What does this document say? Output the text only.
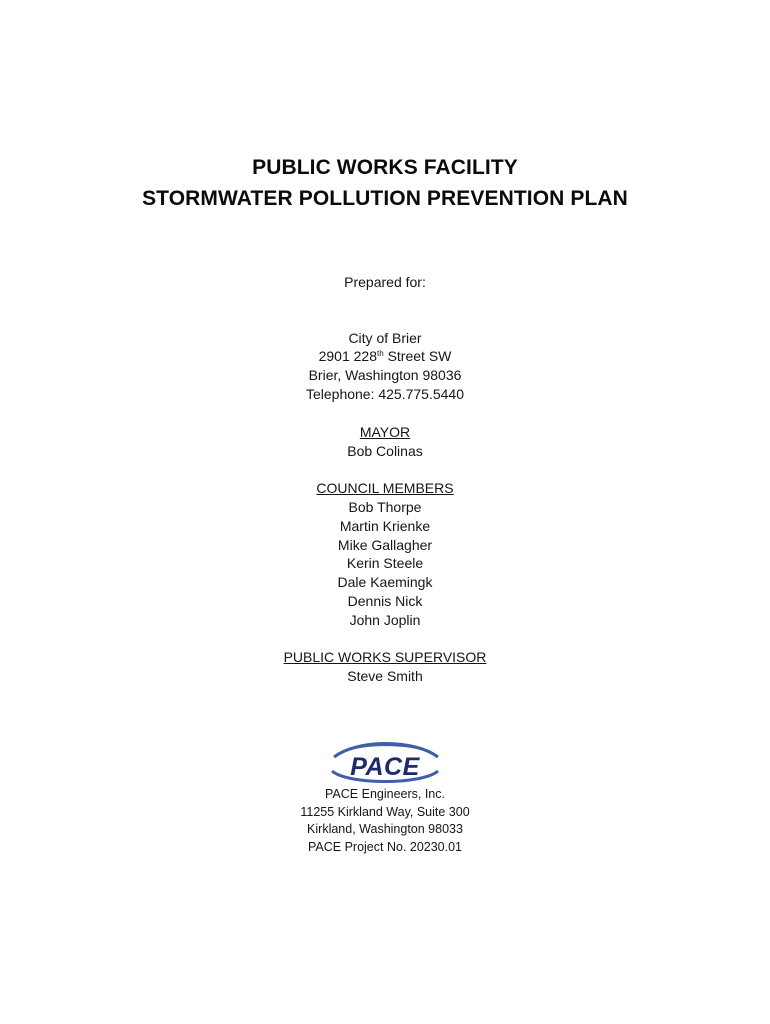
PUBLIC WORKS FACILITY
STORMWATER POLLUTION PREVENTION PLAN
Prepared for:
City of Brier
2901 228th Street SW
Brier, Washington 98036
Telephone: 425.775.5440
MAYOR
Bob Colinas
COUNCIL MEMBERS
Bob Thorpe
Martin Krienke
Mike Gallagher
Kerin Steele
Dale Kaemingk
Dennis Nick
John Joplin
PUBLIC WORKS SUPERVISOR
Steve Smith
PACE
PACE Engineers, Inc.
11255 Kirkland Way, Suite 300
Kirkland, Washington 98033
PACE Project No. 20230.01
